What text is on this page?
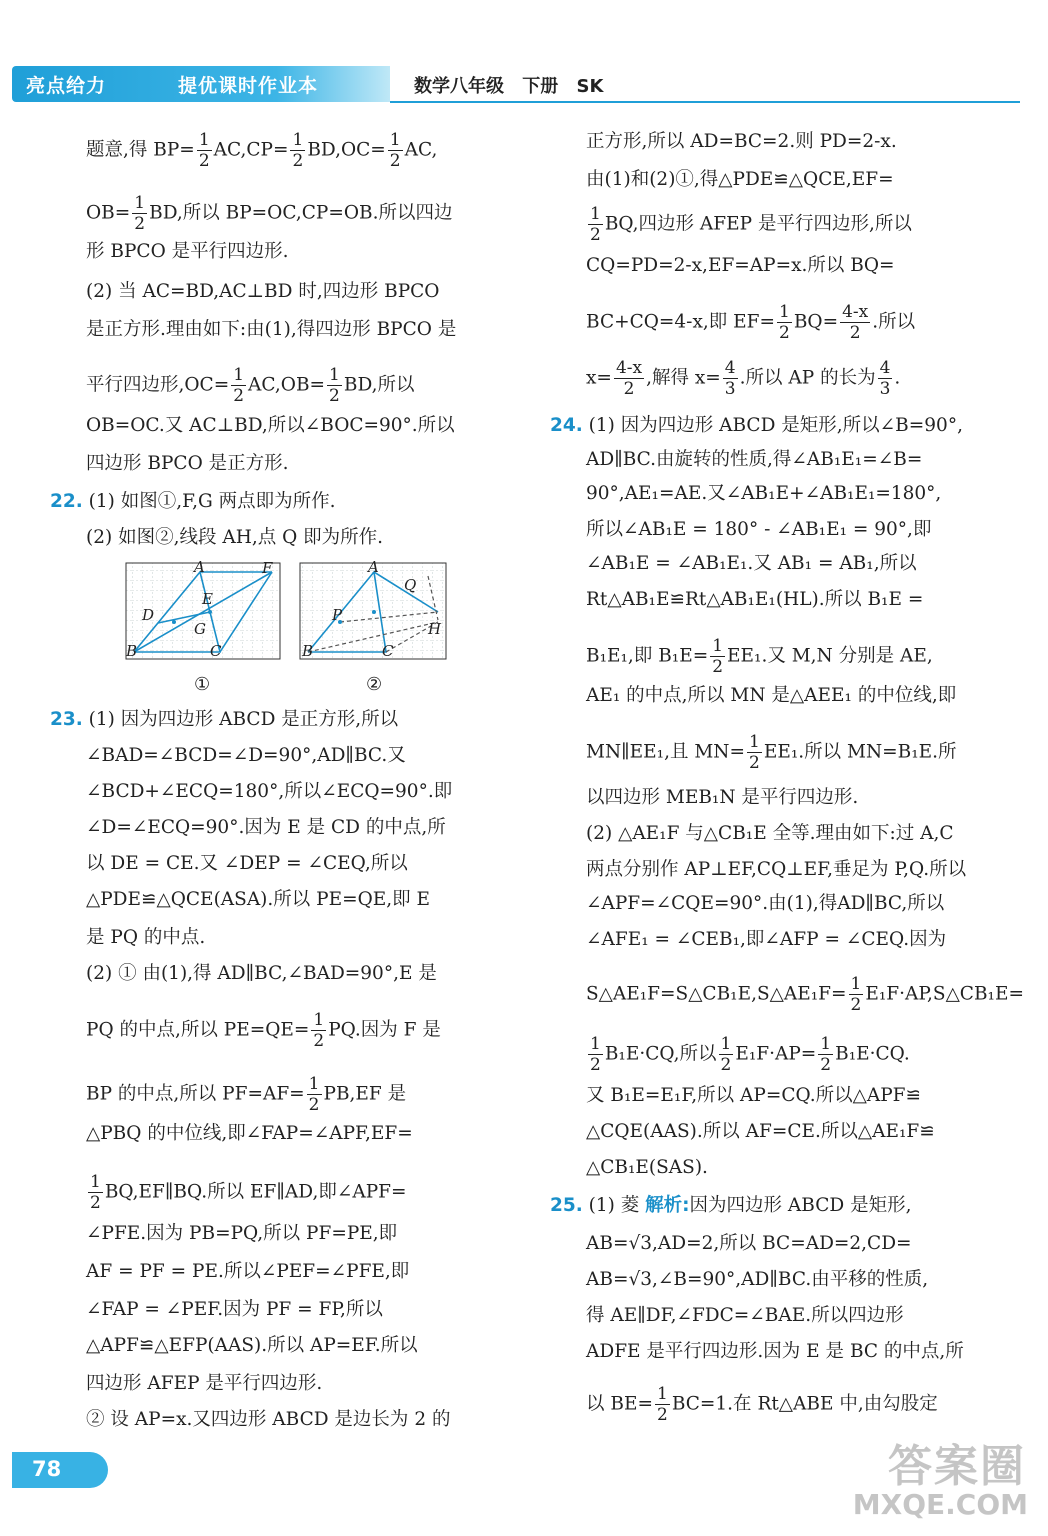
亮点给力	提优课时作业本	数学八年级 下册 SK
题意,得 $BP= \frac{1}{2} AC,CP= \frac{1}{2} BD,OC= \frac{1}{2}$ AC,
$OB= \frac{1}{2}$ BD,所以 BP=OC,CP=OB.所以四边
形 BPCO 是平行四边形.
(2) 当 AC=BD,AC⊥BD 时,四边形 BPCO
是正方形.理由如下:由(1),得四边形 BPCO 是
平行四边形$,OC= \frac{1}{2} AC,OB= \frac{1}{2}$ BD,所以
OB=OC.又 AC⊥BD,所以∠BOC=90°.所以
四边形 BPCO 是正方形.
22. (1) 如图①,F,G 两点即为所作.
(2) 如图②,线段 AH,点 Q 即为所作.
23. (1) 因为四边形 ABCD 是正方形,所以
∠BAD=∠BCD=∠D=90°,AD∥BC.又
∠BCD+∠ECQ=180°,所以∠ECQ=90°.即
∠D=∠ECQ=90°.因为 E 是 CD 的中点,所
以 DE = CE.又 ∠DEP = ∠CEQ,所以
△PDE≌△QCE(ASA).所以 PE=QE,即 E
是 PQ 的中点.
(2) ① 由(1),得 AD∥BC,∠BAD=90°,E 是
PQ 的中点,所以 $PE=QE= \frac{1}{2}$ PQ.因为 F 是
BP 的中点,所以 $PF=AF= \frac{1}{2} PB,EF$ 是
△PBQ 的中位线,即∠FAP=∠APF,EF=
$\frac{1}{2}$ BQ,EF∥BQ.所以 EF∥AD,即∠APF=
∠PFE.因为 PB=PQ,所以 PF=PE,即
AF = PF = PE.所以∠PEF=∠PFE,即
∠FAP = ∠PEF.因为 PF = FP,所以
△APF≌△EFP(AAS).所以 AP=EF.所以
四边形 AFEP 是平行四边形.
② 设 AP=x.又四边形 ABCD 是边长为 2 的
正方形,所以 AD=BC=2.则 PD=2-x.
由(1)和(2)①,得△PDE≌△QCE,EF=
$\frac{1}{2}$ BQ,四边形 AFEP 是平行四边形,所以
CQ=PD=2-x,EF=AP=x.所以 BQ=
BC+CQ=4-x,即 $EF= \frac{1}{2} BQ= \frac{4-x}{2}$ .所以
$x= \frac{4-x}{2}$ ,解得 $x= \frac{4}{3}$ .所以 AP 的长为 $\frac{4}{3}$ .
24. (1) 因为四边形 ABCD 是矩形,所以∠B=90°,
AD∥BC.由旋转的性质,得∠AB₁E₁=∠B=
90°,AE₁=AE.又∠AB₁E+∠AB₁E₁=180°,
所以∠AB₁E = 180° - ∠AB₁E₁ = 90°,即
∠AB₁E = ∠AB₁E₁.又 AB₁ = AB₁,所以
Rt△AB₁E≌Rt△AB₁E₁(HL).所以 B₁E =
B₁E₁,即 $B_1E= \frac{1}{2} EE_1$.又 M,N 分别是 AE,
AE₁ 的中点,所以 MN 是△AEE₁ 的中位线,即
MN∥EE₁,且 $MN= \frac{1}{2} EE_1$.所以 MN=B₁E.所
以四边形 MEB₁N 是平行四边形.
(2) △AE₁F 与△CB₁E 全等.理由如下:过 A,C
两点分别作 AP⊥EF,CQ⊥EF,垂足为 P,Q.所以
∠APF=∠CQE=90°.由(1),得AD∥BC,所以
∠AFE₁ = ∠CEB₁,即∠AFP = ∠CEQ.因为
S△AE₁F=S△CB₁E,S△AE₁F= $\frac{1}{2}$ E₁F·AP,S△CB₁E=
$\frac{1}{2} B_1E\cdot CQ$,所以 $\frac{1}{2} E_1F\cdot AP= \frac{1}{2} B_1E\cdot CQ$.
又 B₁E=E₁F,所以 AP=CQ.所以△APF≌
△CQE(AAS).所以 AF=CE.所以△AE₁F≌
△CB₁E(SAS).
25. (1) 菱 解析:因为四边形 ABCD 是矩形,
AB=√3,AD=2,所以 BC=AD=2,CD=
AB=√3,∠B=90°,AD∥BC.由平移的性质,
得 AE∥DF,∠FDC=∠BAE.所以四边形
ADFE 是平行四边形.因为 E 是 BC 的中点,所
以 $BE= \frac{1}{2} BC=1$.在 Rt△ABE 中,由勾股定
A	F
E
D
G
B	C
A
Q
P
H
B	C
①	②
78	答案圈
MXQE.COM
